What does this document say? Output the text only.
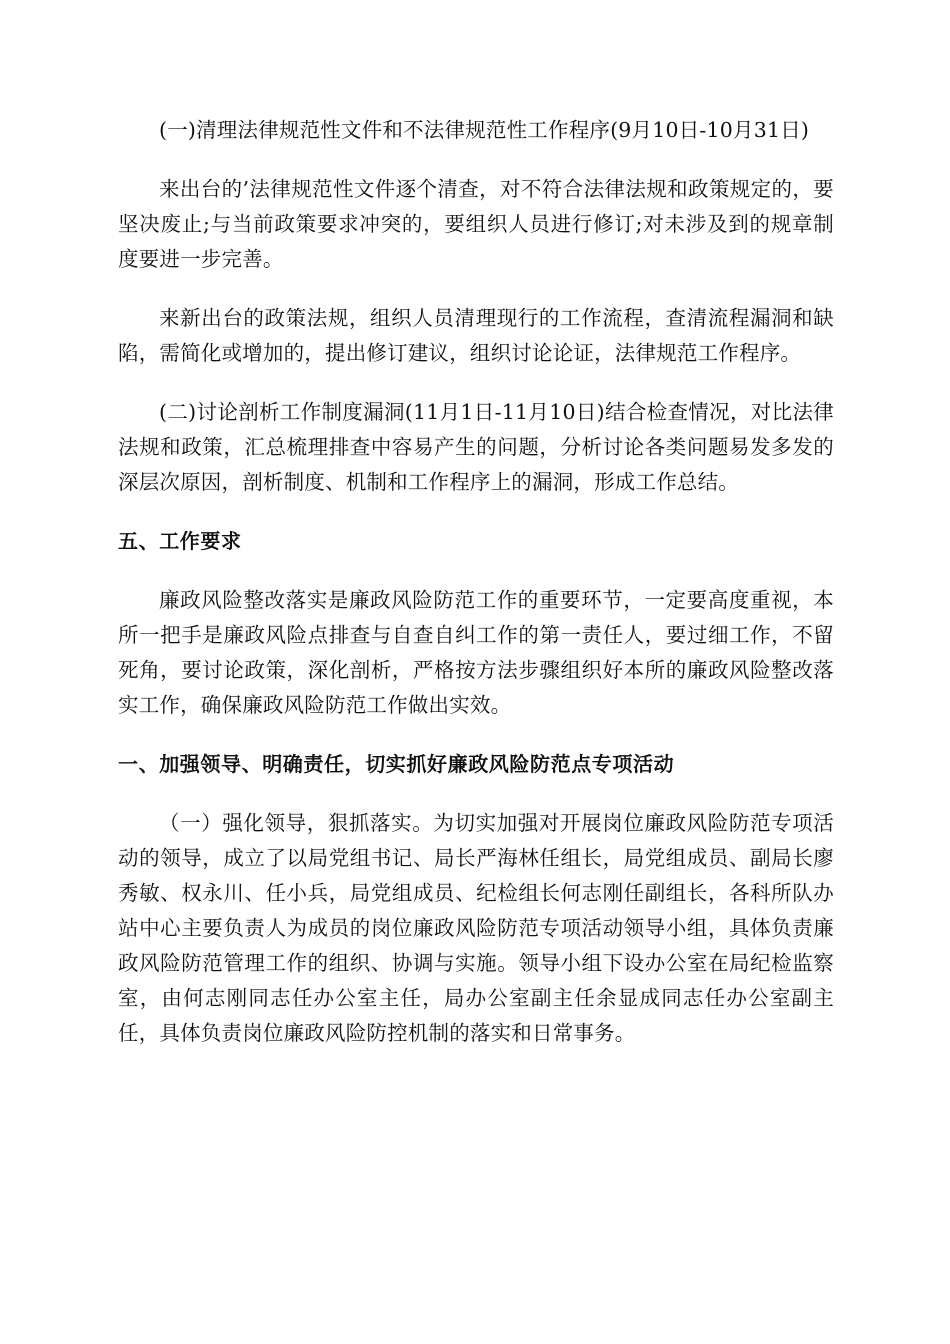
(一)清理法律规范性文件和不法律规范性工作程序(9月10日-10月31日)

来出台的’法律规范性文件逐个清查，对不符合法律法规和政策规定的，要坚决废止;与当前政策要求冲突的，要组织人员进行修订;对未涉及到的规章制度要进一步完善。

来新出台的政策法规，组织人员清理现行的工作流程，查清流程漏洞和缺陷，需简化或增加的，提出修订建议，组织讨论论证，法律规范工作程序。

(二)讨论剖析工作制度漏洞(11月1日-11月10日)结合检查情况，对比法律法规和政策，汇总梳理排查中容易产生的问题，分析讨论各类问题易发多发的深层次原因，剖析制度、机制和工作程序上的漏洞，形成工作总结。

五、工作要求

廉政风险整改落实是廉政风险防范工作的重要环节，一定要高度重视，本所一把手是廉政风险点排查与自查自纠工作的第一责任人，要过细工作，不留死角，要讨论政策，深化剖析，严格按方法步骤组织好本所的廉政风险整改落实工作，确保廉政风险防范工作做出实效。

一、加强领导、明确责任，切实抓好廉政风险防范点专项活动

（一）强化领导，狠抓落实。为切实加强对开展岗位廉政风险防范专项活动的领导，成立了以局党组书记、局长严海林任组长，局党组成员、副局长廖秀敏、权永川、任小兵，局党组成员、纪检组长何志刚任副组长，各科所队办站中心主要负责人为成员的岗位廉政风险防范专项活动领导小组，具体负责廉政风险防范管理工作的组织、协调与实施。领导小组下设办公室在局纪检监察室，由何志刚同志任办公室主任，局办公室副主任余显成同志任办公室副主任，具体负责岗位廉政风险防控机制的落实和日常事务。
